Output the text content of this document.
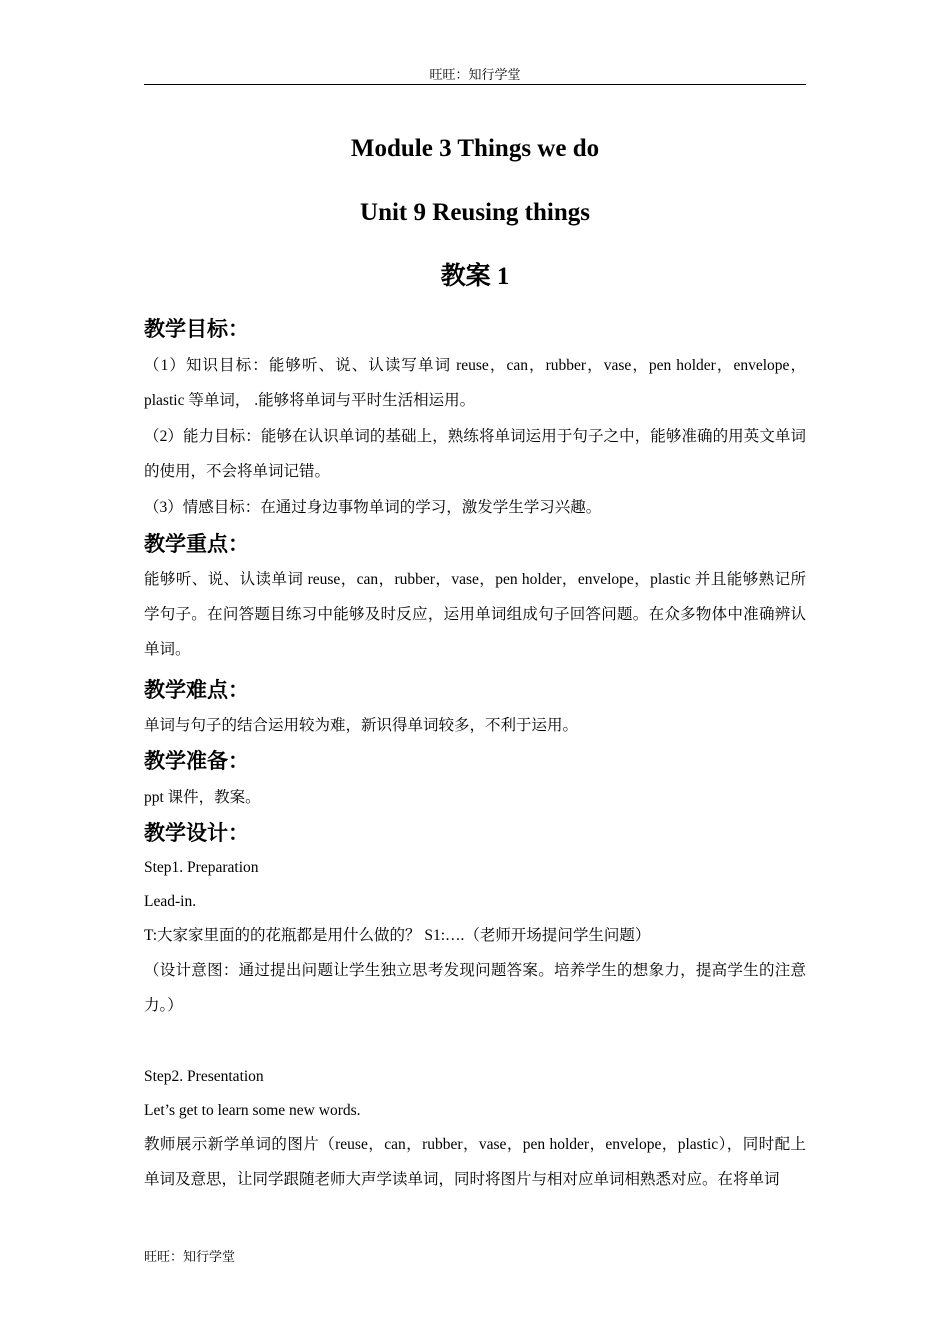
旺旺：知行学堂
Module 3 Things we do
Unit 9 Reusing things
教案 1
教学目标：
（1）知识目标：能够听、说、认读写单词 reuse，can，rubber，vase，pen holder，envelope，plastic 等单词， .能够将单词与平时生活相运用。
（2）能力目标：能够在认识单词的基础上，熟练将单词运用于句子之中，能够准确的用英文单词的使用，不会将单词记错。
（3）情感目标：在通过身边事物单词的学习，激发学生学习兴趣。
教学重点：
能够听、说、认读单词 reuse，can，rubber，vase，pen holder，envelope，plastic 并且能够熟记所学句子。在问答题目练习中能够及时反应，运用单词组成句子回答问题。在众多物体中准确辨认单词。
教学难点：
单词与句子的结合运用较为难，新识得单词较多，不利于运用。
教学准备：
ppt 课件，教案。
教学设计：
Step1. Preparation
Lead-in.
T:大家家里面的的花瓶都是用什么做的？ S1:….（老师开场提问学生问题）
（设计意图：通过提出问题让学生独立思考发现问题答案。培养学生的想象力，提高学生的注意力。）
Step2. Presentation
Let’s get to learn some new words.
教师展示新学单词的图片（reuse，can，rubber，vase，pen holder，envelope，plastic），同时配上单词及意思，让同学跟随老师大声学读单词，同时将图片与相对应单词相熟悉对应。在将单词
旺旺：知行学堂
